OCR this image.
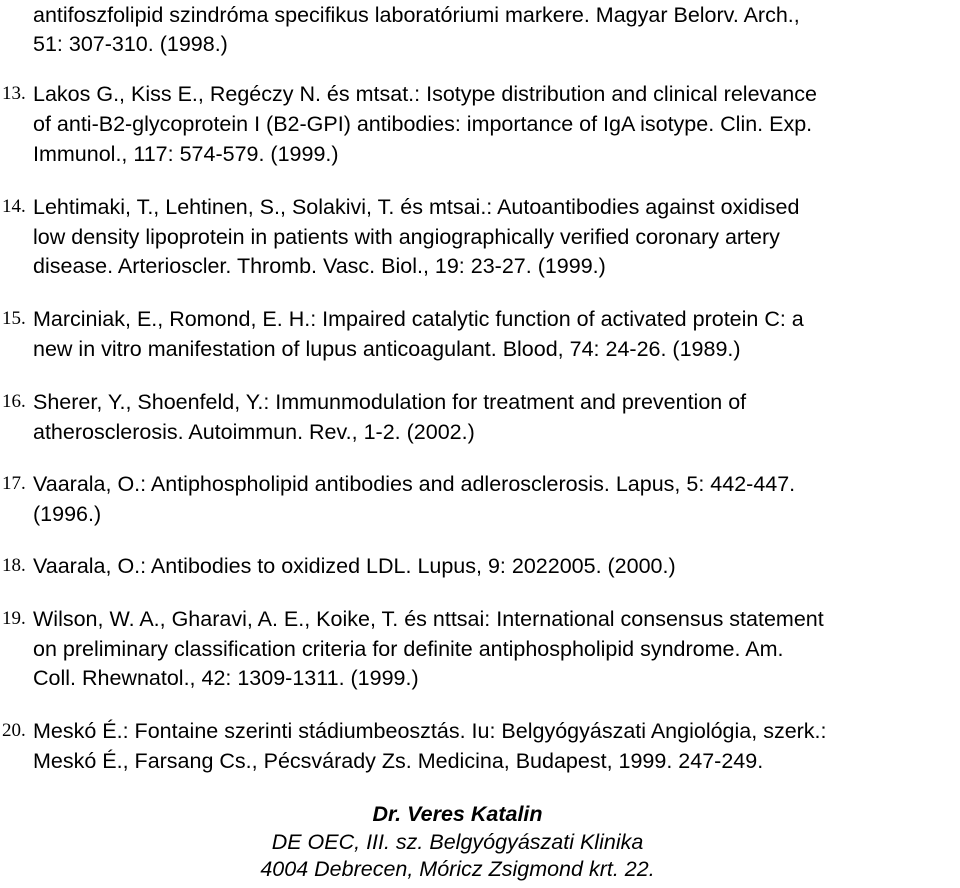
antifoszfolipid szindróma specifikus laboratóriumi markere. Magyar Belorv. Arch.,
51: 307-310. (1998.)
13. Lakos G., Kiss E., Regéczy N. és mtsat.: Isotype distribution and clinical relevance
of anti-B2-glycoprotein I (B2-GPI) antibodies: importance of IgA isotype. Clin. Exp.
Immunol., 117: 574-579. (1999.)
14. Lehtimaki, T., Lehtinen, S., Solakivi, T. és mtsai.: Autoantibodies against oxidised
low density lipoprotein in patients with angiographically verified coronary artery
disease. Arterioscler. Thromb. Vasc. Biol., 19: 23-27. (1999.)
15. Marciniak, E., Romond, E. H.: Impaired catalytic function of activated protein C: a
new in vitro manifestation of lupus anticoagulant. Blood, 74: 24-26. (1989.)
16. Sherer, Y., Shoenfeld, Y.: Immunmodulation for treatment and prevention of
atherosclerosis. Autoimmun. Rev., 1-2. (2002.)
17. Vaarala, O.: Antiphospholipid antibodies and adlerosclerosis. Lapus, 5: 442-447.
(1996.)
18. Vaarala, O.: Antibodies to oxidized LDL. Lupus, 9: 2022005. (2000.)
19. Wilson, W. A., Gharavi, A. E., Koike, T. és nttsai: International consensus statement
on preliminary classification criteria for definite antiphospholipid syndrome. Am.
Coll. Rhewnatol., 42: 1309-1311. (1999.)
20. Meskó É.: Fontaine szerinti stádiumbeosztás. Iu: Belgyógyászati Angiológia, szerk.:
Meskó É., Farsang Cs., Pécsvárady Zs. Medicina, Budapest, 1999. 247-249.
Dr. Veres Katalin
DE OEC, III. sz. Belgyógyászati Klinika
4004 Debrecen, Móricz Zsigmond krt. 22.
